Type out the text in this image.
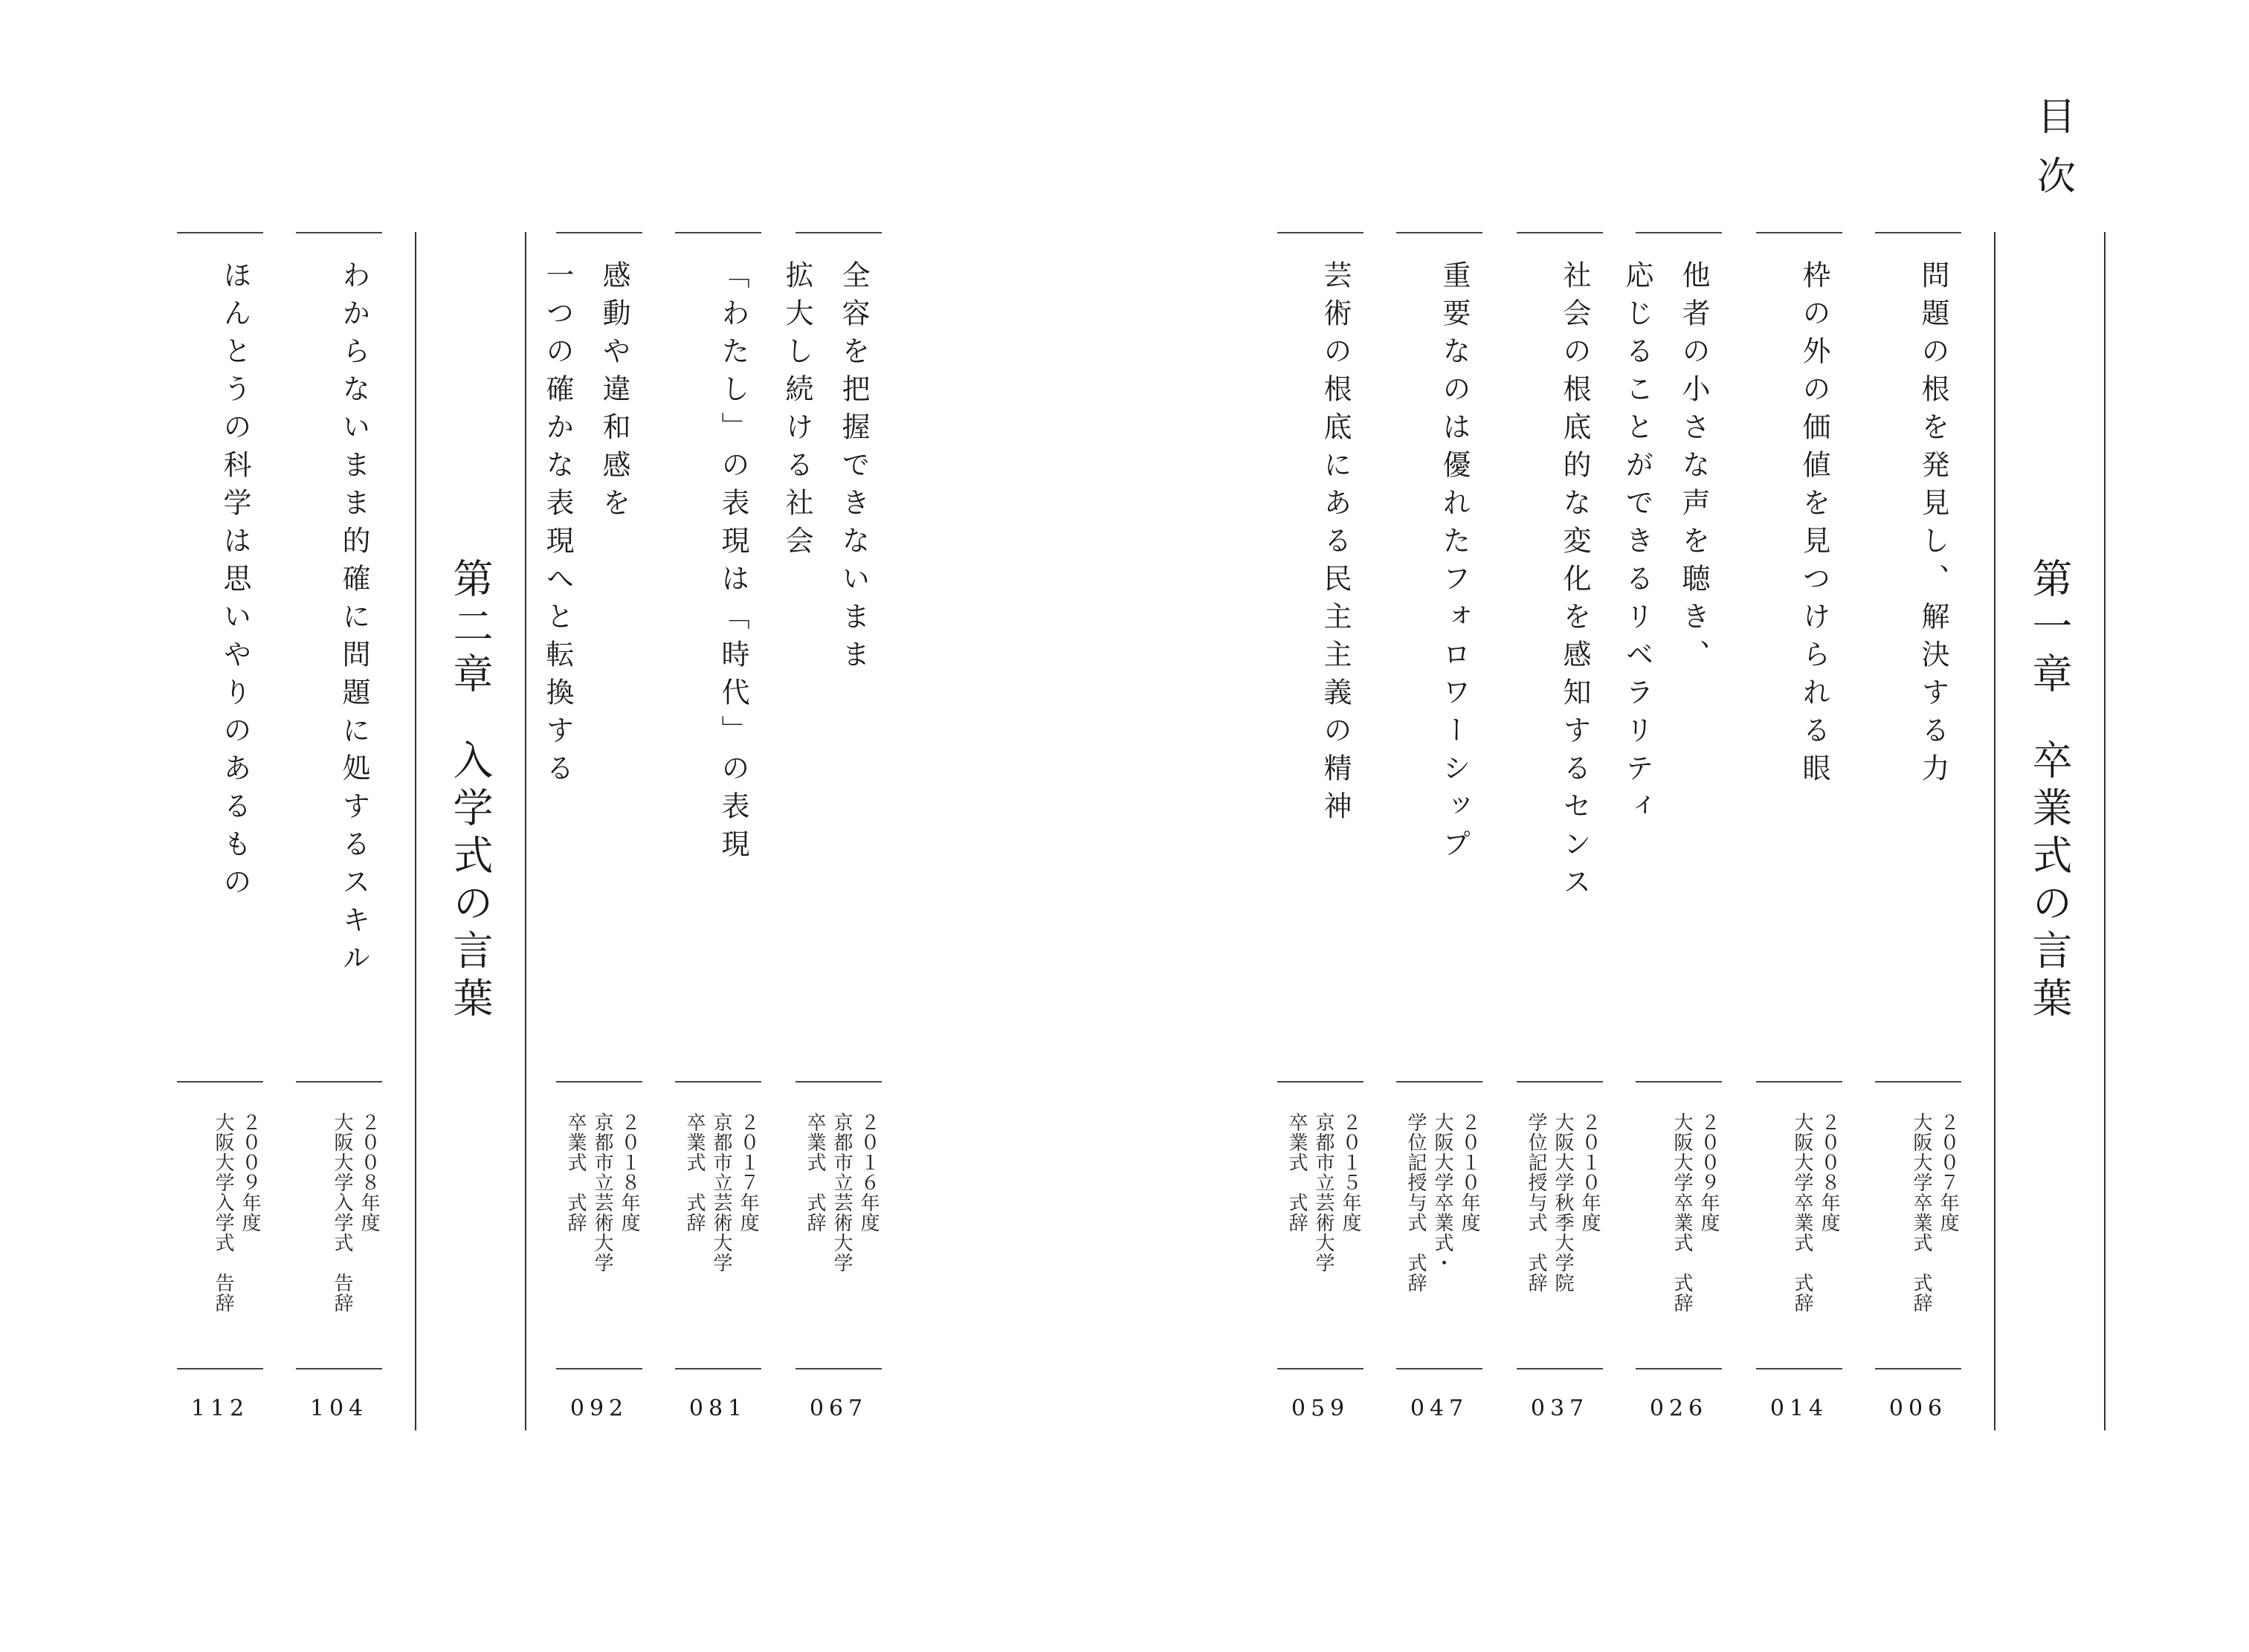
目　次
第一章卒業式の言葉
第二章入学式の言葉
問題の根を発見し、解決する力
２００７年度
大阪大学卒業式　式辞
006
枠の外の価値を見つけられる眼
２００８年度
大阪大学卒業式　式辞
014
他者の小さな声を聴き、
応じることができるリベラリティ
２００９年度
大阪大学卒業式　式辞
026
社会の根底的な変化を感知するセンス
２０１０年度
大阪大学秋季大学院
学位記授与式　式辞
037
重要なのは優れたフォロワーシップ
２０１０年度
大阪大学卒業式・
学位記授与式　式辞
047
芸術の根底にある民主主義の精神
２０１５年度
京都市立芸術大学
卒業式　式辞
059
全容を把握できないまま
拡大し続ける社会
２０１６年度
京都市立芸術大学
卒業式　式辞
067
「わたし」の表現は「時代」の表現
２０１７年度
京都市立芸術大学
卒業式　式辞
081
感動や違和感を
一つの確かな表現へと転換する
２０１８年度
京都市立芸術大学
卒業式　式辞
092
わからないまま的確に問題に処するスキル
２００８年度
大阪大学入学式　告辞
104
ほんとうの科学は思いやりのあるもの
２００９年度
大阪大学入学式　告辞
112
